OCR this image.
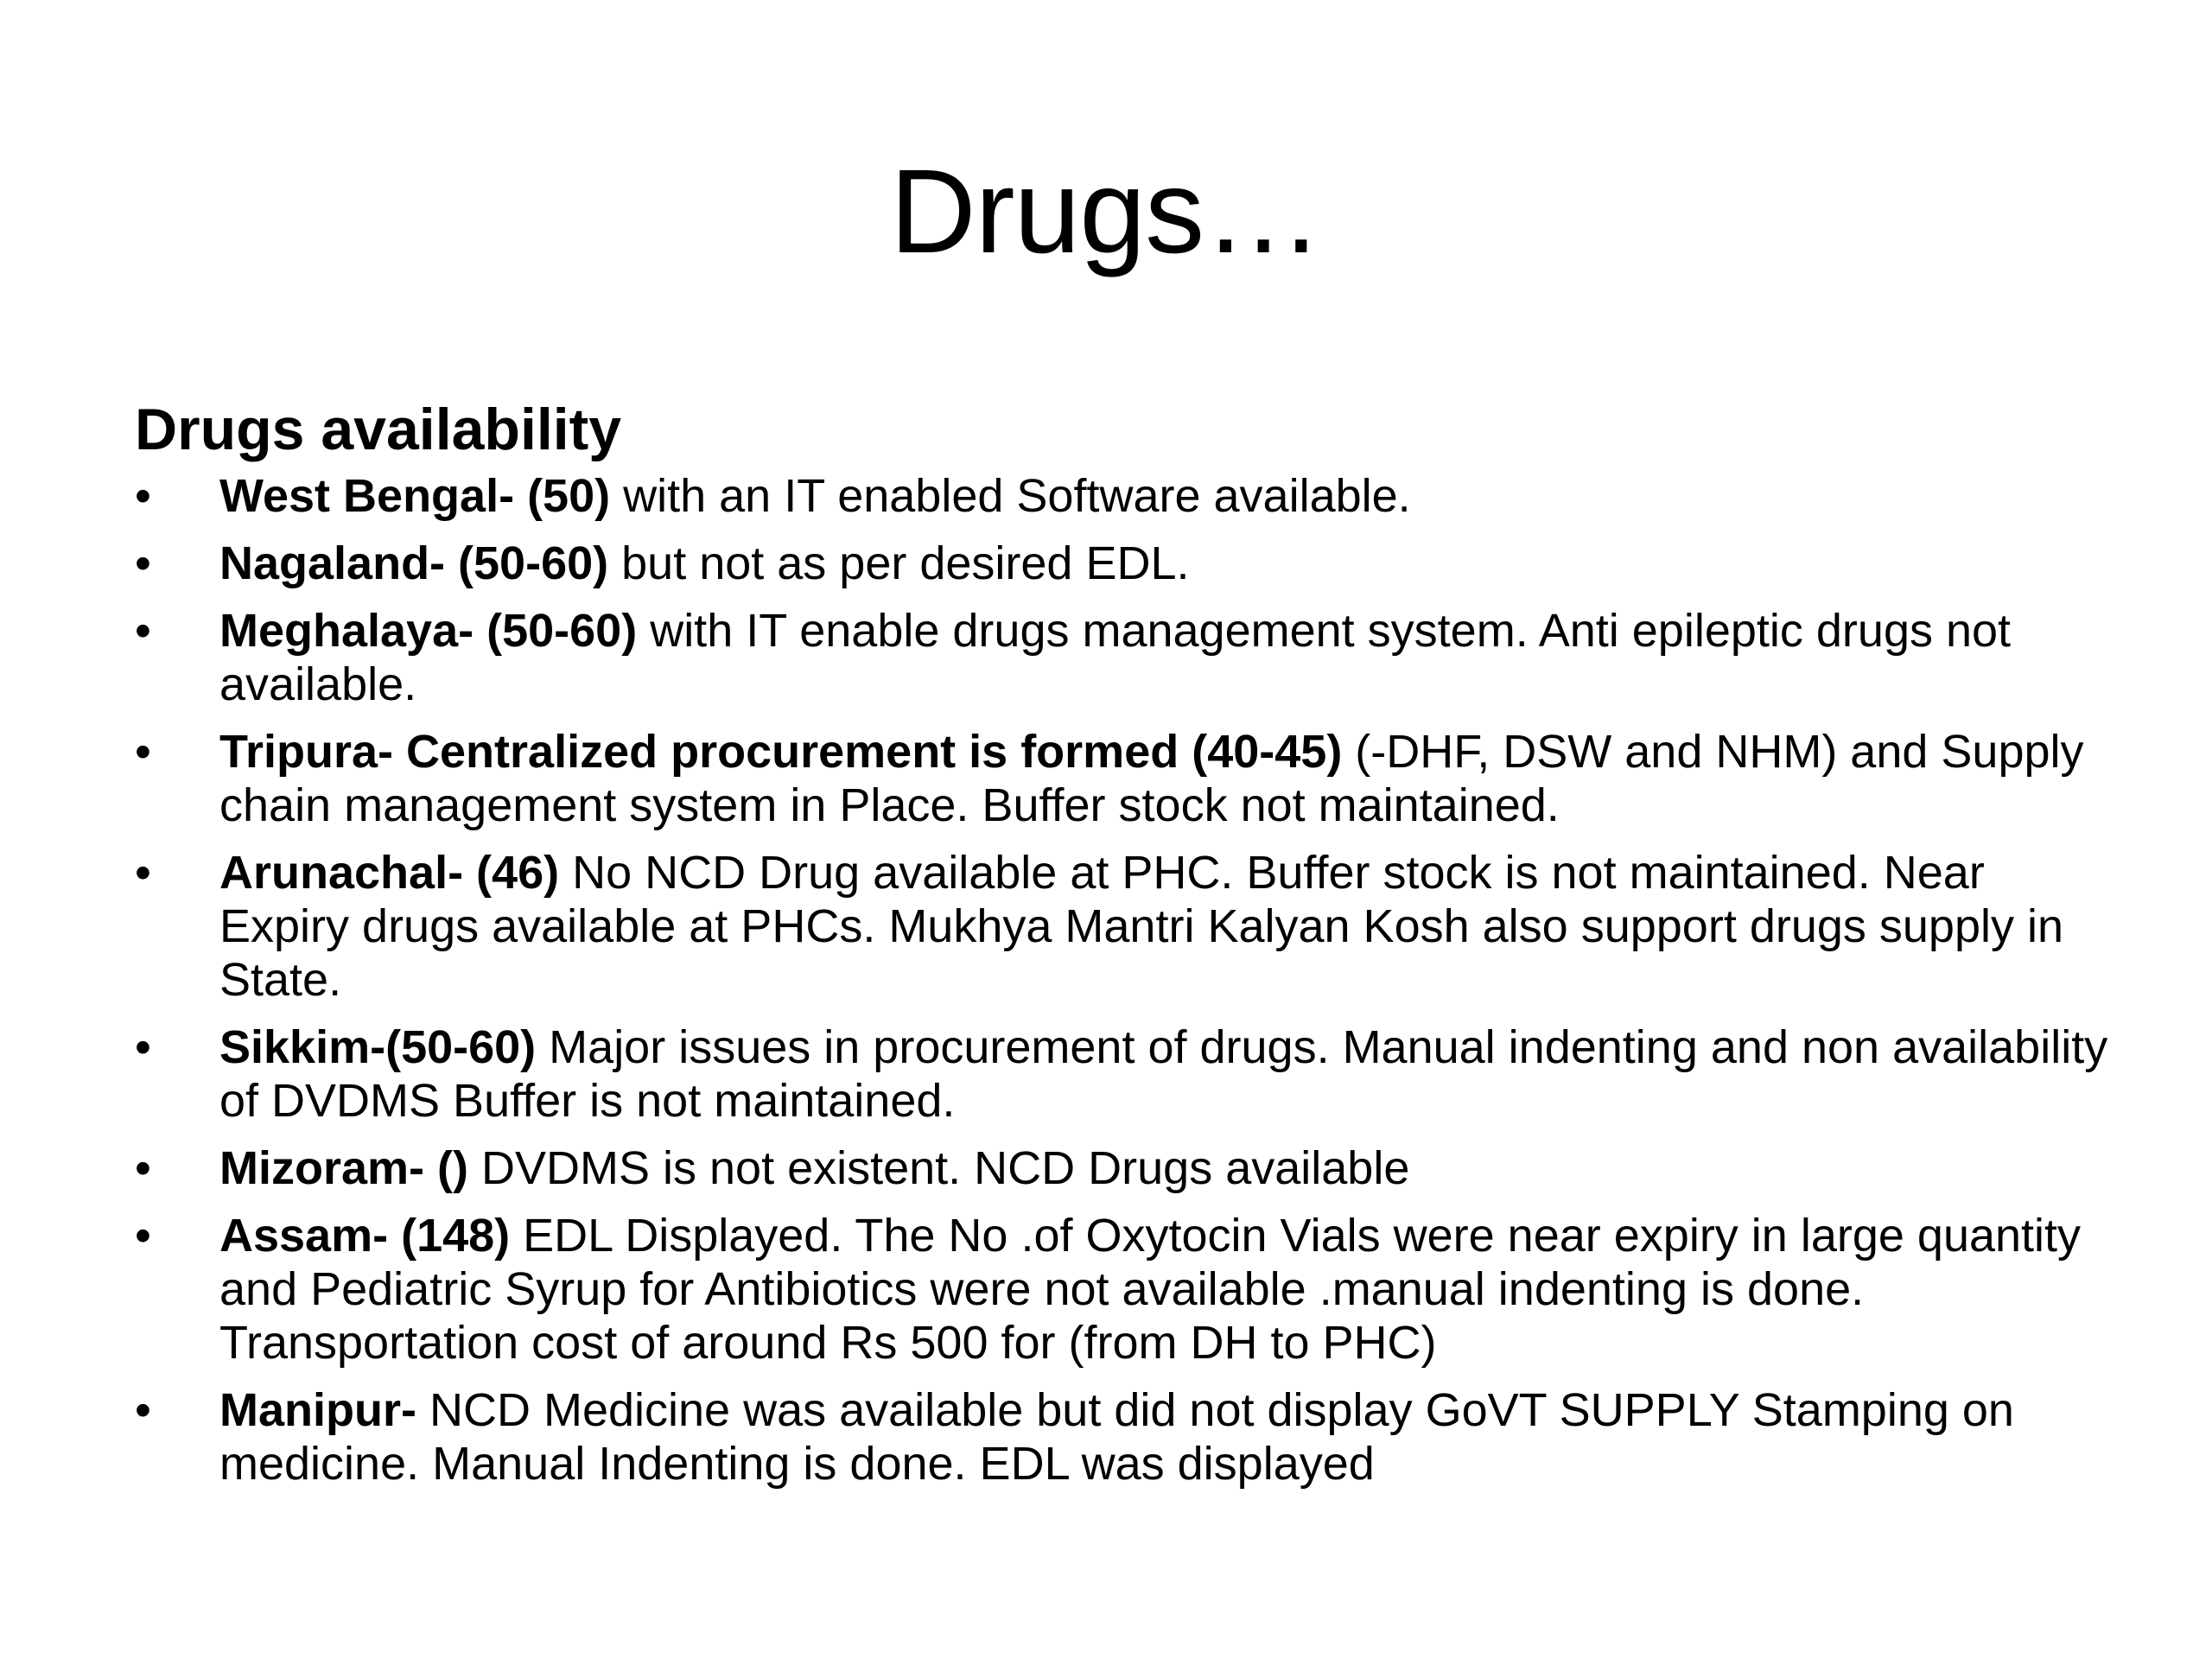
Drugs…
Drugs availability
• West Bengal- (50) with an IT enabled Software available.
• Nagaland- (50-60) but not as per desired EDL.
• Meghalaya- (50-60) with IT enable drugs management system. Anti epileptic drugs not available.
• Tripura- Centralized procurement is formed (40-45) (-DHF, DSW and NHM) and Supply chain management system in Place. Buffer stock not maintained.
• Arunachal- (46) No NCD Drug available at PHC. Buffer stock is not maintained. Near Expiry drugs available at PHCs. Mukhya Mantri Kalyan Kosh also support drugs supply in State.
• Sikkim-(50-60) Major issues in procurement of drugs. Manual indenting and non availability of DVDMS Buffer is not maintained.
• Mizoram- () DVDMS is not existent. NCD Drugs available
• Assam- (148) EDL Displayed. The No .of Oxytocin Vials were near expiry in large quantity and Pediatric Syrup for Antibiotics were not available .manual indenting is done. Transportation cost of around Rs 500 for (from DH to PHC)
• Manipur- NCD Medicine was available but did not display GoVT SUPPLY Stamping on medicine. Manual Indenting is done. EDL was displayed
